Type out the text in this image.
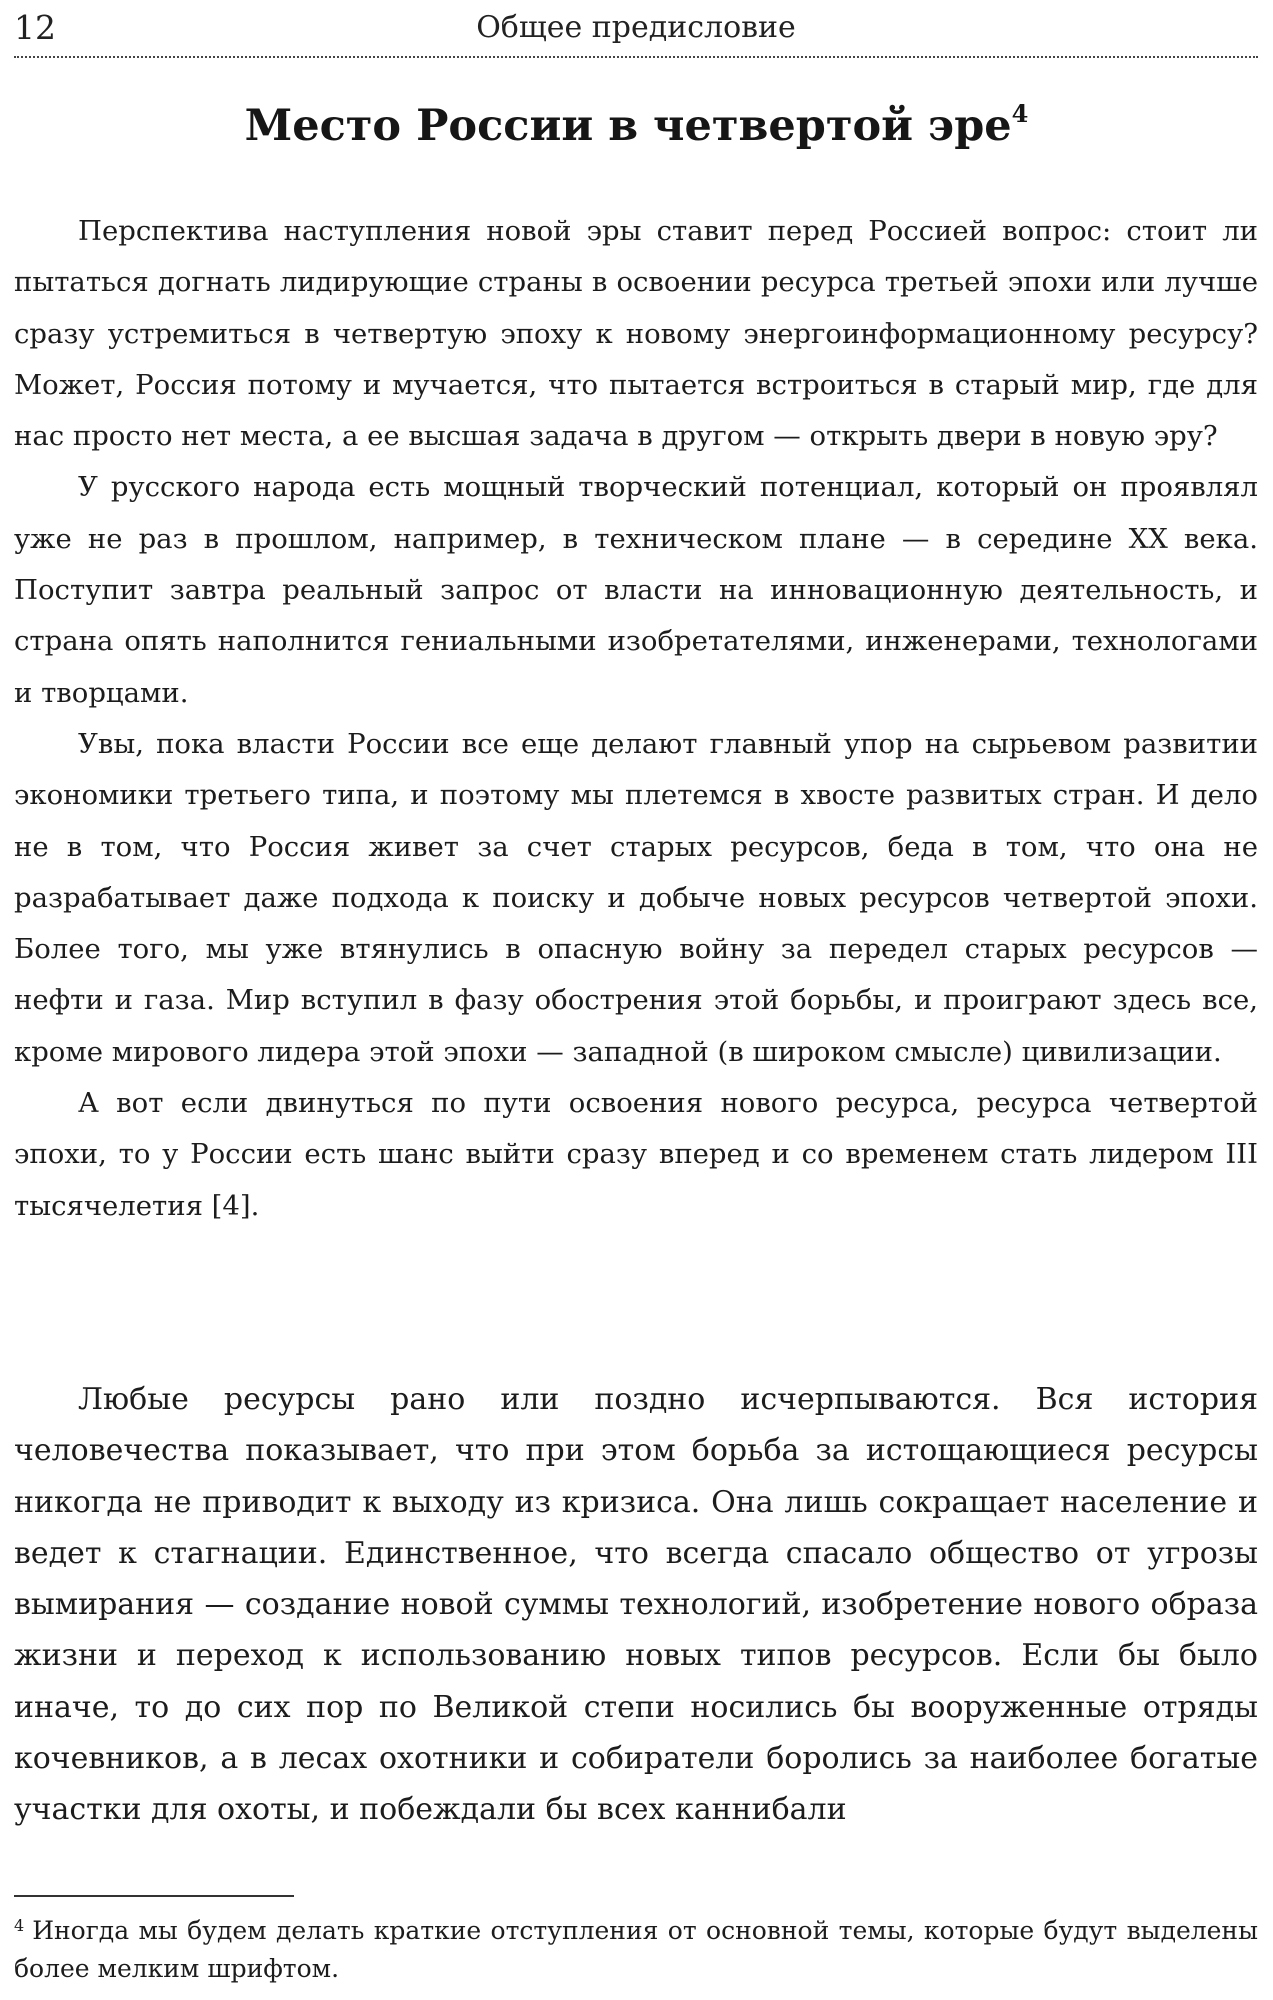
12	Общее предисловие
Место России в четвертой эре$^4$

Перспектива наступления новой эры ставит перед Россией вопрос: стоит ли пытаться догнать лидирующие страны в освоении ресурса третьей эпохи или лучше сразу устремиться в четвертую эпоху к новому энергоинформационному ресурсу? Может, Россия потому и мучается, что пытается встроиться в старый мир, где для нас просто нет места, а ее высшая задача в другом — открыть двери в новую эру?

У русского народа есть мощный творческий потенциал, который он проявлял уже не раз в прошлом, например, в техническом плане — в середине XX века. Поступит завтра реальный запрос от власти на инновационную деятельность, и страна опять наполнится гениальными изобретателями, инженерами, технологами и творцами.

Увы, пока власти России все еще делают главный упор на сырьевом развитии экономики третьего типа, и поэтому мы плетемся в хвосте развитых стран. И дело не в том, что Россия живет за счет старых ресурсов, беда в том, что она не разрабатывает даже подхода к поиску и добыче новых ресурсов четвертой эпохи. Более того, мы уже втянулись в опасную войну за передел старых ресурсов — нефти и газа. Мир вступил в фазу обострения этой борьбы, и проиграют здесь все, кроме мирового лидера этой эпохи — западной (в широком смысле) цивилизации.

А вот если двинуться по пути освоения нового ресурса, ресурса четвертой эпохи, то у России есть шанс выйти сразу вперед и со временем стать лидером III тысячелетия [4].

Любые ресурсы рано или поздно исчерпываются. Вся история человечества показывает, что при этом борьба за истощающиеся ресурсы никогда не приводит к выходу из кризиса. Она лишь сокращает население и ведет к стагнации. Единственное, что всегда спасало общество от угрозы вымирания — создание новой суммы технологий, изобретение нового образа жизни и переход к использованию новых типов ресурсов. Если бы было иначе, то до сих пор по Великой степи носились бы вооруженные отряды кочевников, а в лесах охотники и собиратели боролись за наиболее богатые участки для охоты, и побеждали бы всех каннибали

$^4$ Иногда мы будем делать краткие отступления от основной темы, которые будут выделены более мелким шрифтом.
